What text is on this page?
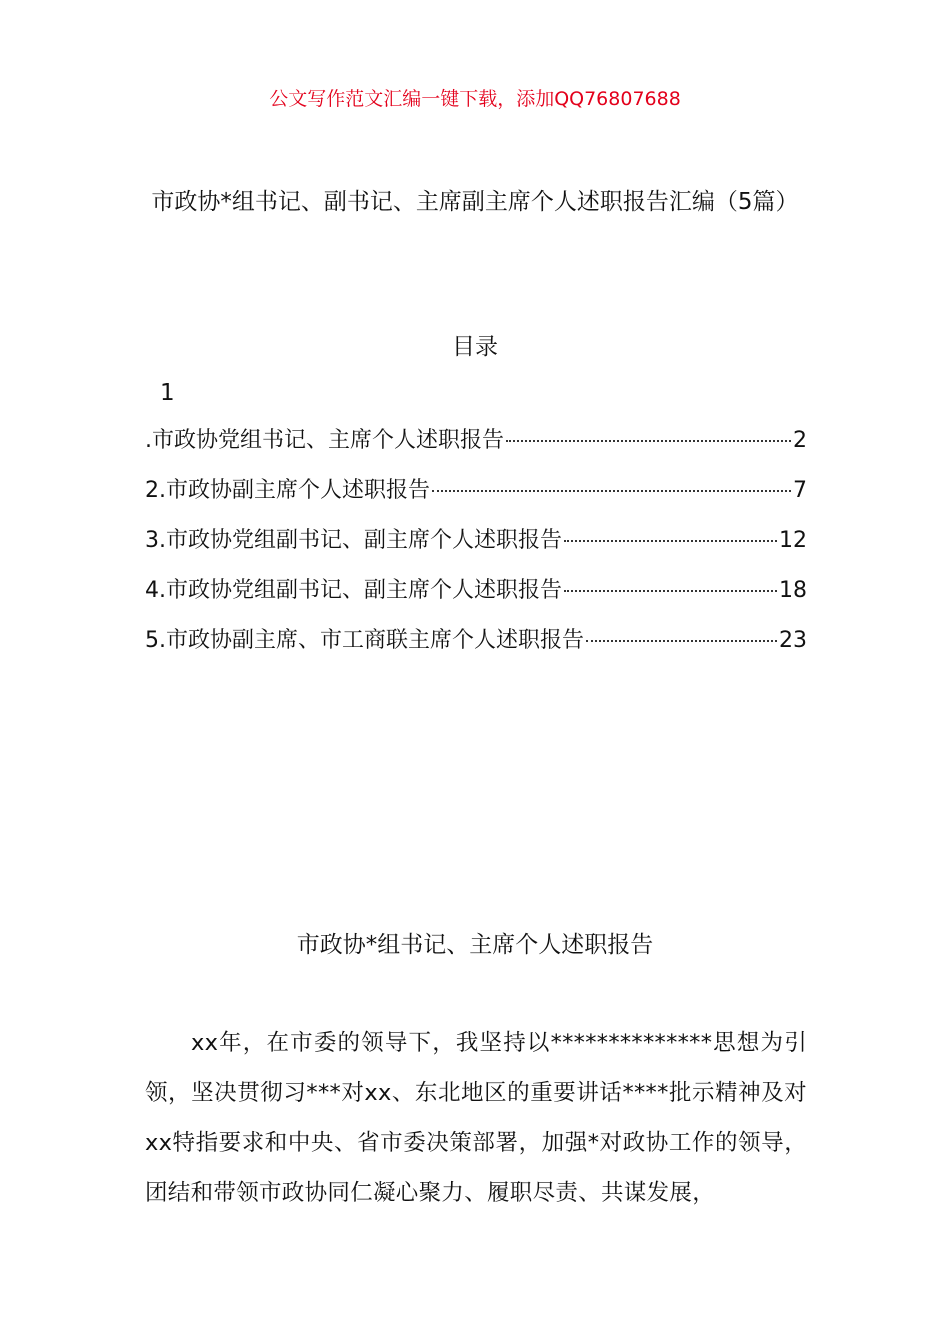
公文写作范文汇编一键下载，添加QQ76807688
市政协*组书记、副书记、主席副主席个人述职报告汇编（5篇）
目录
1
.市政协党组书记、主席个人述职报告	2
2.市政协副主席个人述职报告	7
3.市政协党组副书记、副主席个人述职报告	12
4.市政协党组副书记、副主席个人述职报告	18
5.市政协副主席、市工商联主席个人述职报告	23
市政协*组书记、主席个人述职报告
xx年，在市委的领导下，我坚持以**************思想为引领，坚决贯彻习***对xx、东北地区的重要讲话****批示精神及对xx特指要求和中央、省市委决策部署，加强*对政协工作的领导，团结和带领市政协同仁凝心聚力、履职尽责、共谋发展，
